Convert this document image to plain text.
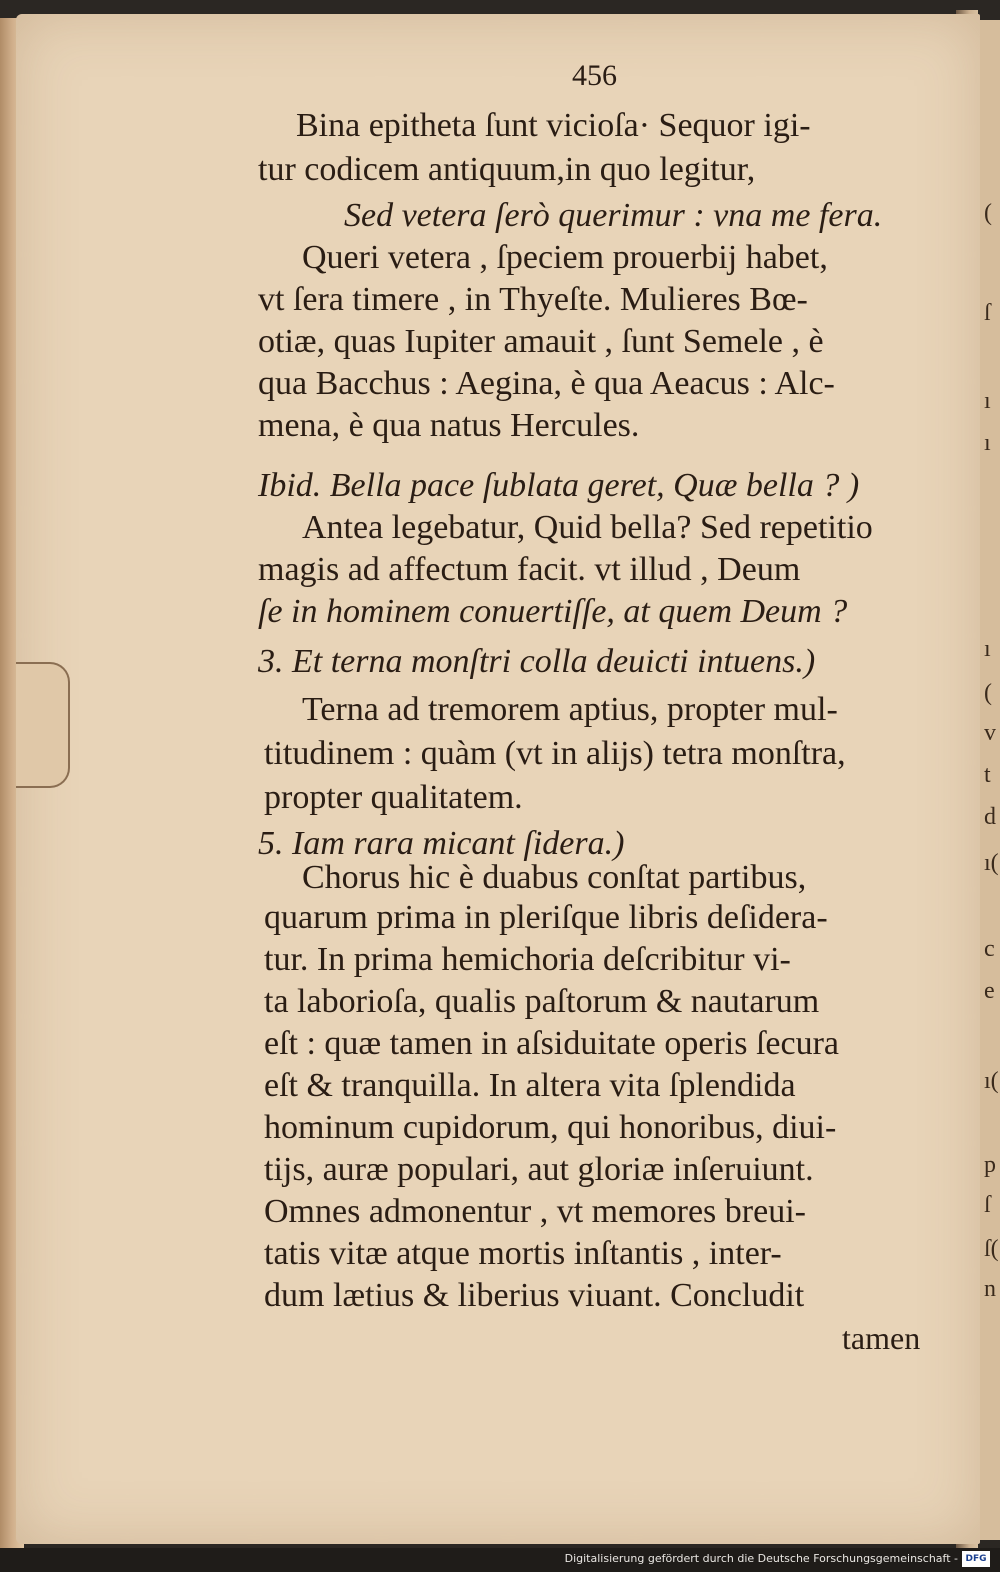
456
Bina epitheta ſunt vicioſa· Sequor igi-
tur codicem antiquum,in quo legitur,
Sed vetera ſerò querimur : vna me fera.
Queri vetera , ſpeciem prouerbij habet,
vt ſera timere , in Thyeſte. Mulieres Bœ-
otiæ, quas Iupiter amauit , ſunt Semele , è
qua Bacchus : Aegina, è qua Aeacus : Alc-
mena, è qua natus Hercules.
Ibid. Bella pace ſublata geret, Quæ bella ? )
Antea legebatur, Quid bella? Sed repetitio
magis ad affectum facit. vt illud , Deum
ſe in hominem conuertiſſe, at quem Deum ?
3. Et terna monſtri colla deuicti intuens.)
Terna ad tremorem aptius, propter mul-
titudinem : quàm (vt in alijs) tetra monſtra,
propter qualitatem.
5. Iam rara micant ſidera.)
Chorus hic è duabus conſtat partibus,
quarum prima in pleriſque libris deſidera-
tur. In prima hemichoria deſcribitur vi-
ta laborioſa, qualis paſtorum & nautarum
eſt : quæ tamen in aſsiduitate operis ſecura
eſt & tranquilla. In altera vita ſplendida
hominum cupidorum, qui honoribus, diui-
tijs, auræ populari, aut gloriæ inſeruiunt.
Omnes admonentur , vt memores breui-
tatis vitæ atque mortis inſtantis , inter-
dum lætius & liberius viuant. Concludit
tamen
(
ſ
ı
ı
ı
(
v
t
d
ı(
c
e
ı(
p
ſ
ſ(
n
Digitalisierung gefördert durch die Deutsche Forschungsgemeinschaft - DFG
